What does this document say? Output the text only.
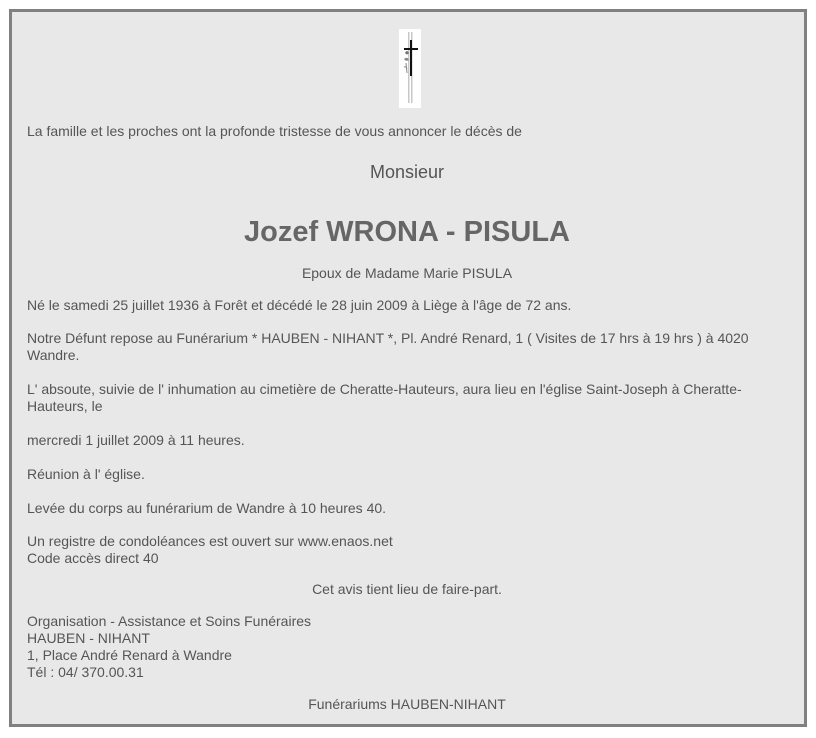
La famille et les proches ont la profonde tristesse de vous annoncer le décès de

Monsieur

Jozef WRONA - PISULA

Epoux de Madame Marie PISULA

Né le samedi 25 juillet 1936 à Forêt et décédé le 28 juin 2009 à Liège à l'âge de 72 ans.

Notre Défunt repose au Funérarium * HAUBEN - NIHANT *, Pl. André Renard, 1 ( Visites de 17 hrs à 19 hrs ) à 4020

Wandre.

L' absoute, suivie de l' inhumation au cimetière de Cheratte-Hauteurs, aura lieu en l'église Saint-Joseph à Cheratte-

Hauteurs, le

mercredi 1 juillet 2009 à 11 heures.

Réunion à l' église.

Levée du corps au funérarium de Wandre à 10 heures 40.

Un registre de condoléances est ouvert sur www.enaos.net

Code accès direct 40

Cet avis tient lieu de faire-part.

Organisation - Assistance et Soins Funéraires

HAUBEN - NIHANT

1, Place André Renard à Wandre

Tél : 04/ 370.00.31

Funérariums HAUBEN-NIHANT
